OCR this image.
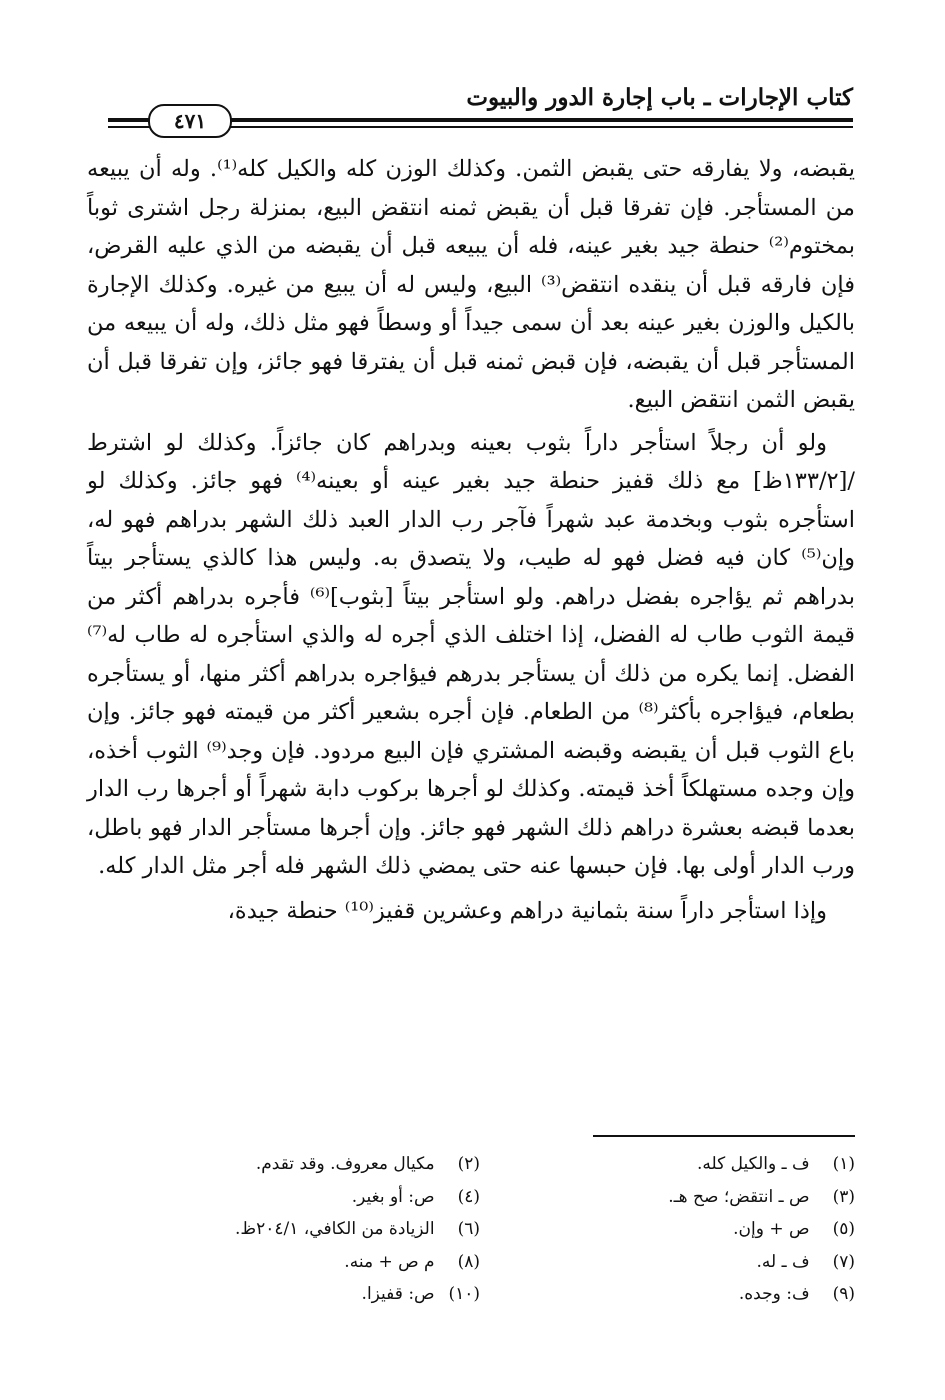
كتاب الإجارات ـ باب إجارة الدور والبيوت
٤٧١

يقبضه، ولا يفارقه حتى يقبض الثمن. وكذلك الوزن كله والكيل كله⁽¹⁾. وله أن يبيعه من المستأجر. فإن تفرقا قبل أن يقبض ثمنه انتقض البيع، بمنزلة رجل اشترى ثوباً بمختوم⁽²⁾ حنطة جيد بغير عينه، فله أن يبيعه قبل أن يقبضه من الذي عليه القرض، فإن فارقه قبل أن ينقده انتقض⁽³⁾ البيع، وليس له أن يبيع من غيره. وكذلك الإجارة بالكيل والوزن بغير عينه بعد أن سمى جيداً أو وسطاً فهو مثل ذلك، وله أن يبيعه من المستأجر قبل أن يقبضه، فإن قبض ثمنه قبل أن يفترقا فهو جائز، وإن تفرقا قبل أن يقبض الثمن انتقض البيع.

ولو أن رجلاً استأجر داراً بثوب بعينه وبدراهم كان جائزاً. وكذلك لو اشترط /[١٣٣/٢ظ] مع ذلك قفيز حنطة جيد بغير عينه أو بعينه⁽⁴⁾ فهو جائز. وكذلك لو استأجره بثوب وبخدمة عبد شهراً فآجر رب الدار العبد ذلك الشهر بدراهم فهو له، وإن⁽⁵⁾ كان فيه فضل فهو له طيب، ولا يتصدق به. وليس هذا كالذي يستأجر بيتاً بدراهم ثم يؤاجره بفضل دراهم. ولو استأجر بيتاً [بثوب]⁽⁶⁾ فأجره بدراهم أكثر من قيمة الثوب طاب له الفضل، إذا اختلف الذي أجره له والذي استأجره له طاب له⁽⁷⁾ الفضل. إنما يكره من ذلك أن يستأجر بدرهم فيؤاجره بدراهم أكثر منها، أو يستأجره بطعام، فيؤاجره بأكثر⁽⁸⁾ من الطعام. فإن أجره بشعير أكثر من قيمته فهو جائز. وإن باع الثوب قبل أن يقبضه وقبضه المشتري فإن البيع مردود. فإن وجد⁽⁹⁾ الثوب أخذه، وإن وجده مستهلكاً أخذ قيمته. وكذلك لو أجرها بركوب دابة شهراً أو أجرها رب الدار بعدما قبضه بعشرة دراهم ذلك الشهر فهو جائز. وإن أجرها مستأجر الدار فهو باطل، ورب الدار أولى بها. فإن حبسها عنه حتى يمضي ذلك الشهر فله أجر مثل الدار كله.

وإذا استأجر داراً سنة بثمانية دراهم وعشرين قفيز⁽¹⁰⁾ حنطة جيدة،

(١) ف ـ والكيل كله.
(٣) ص ـ انتقض؛ صح هـ.
(٥) ص + وإن.
(٧) ف ـ له.
(٩) ف: وجده.
(٢) مكيال معروف. وقد تقدم.
(٤) ص: أو بغير.
(٦) الزيادة من الكافي، ٢٠٤/١ظ.
(٨) م ص + منه.
(١٠) ص: قفيزا.
